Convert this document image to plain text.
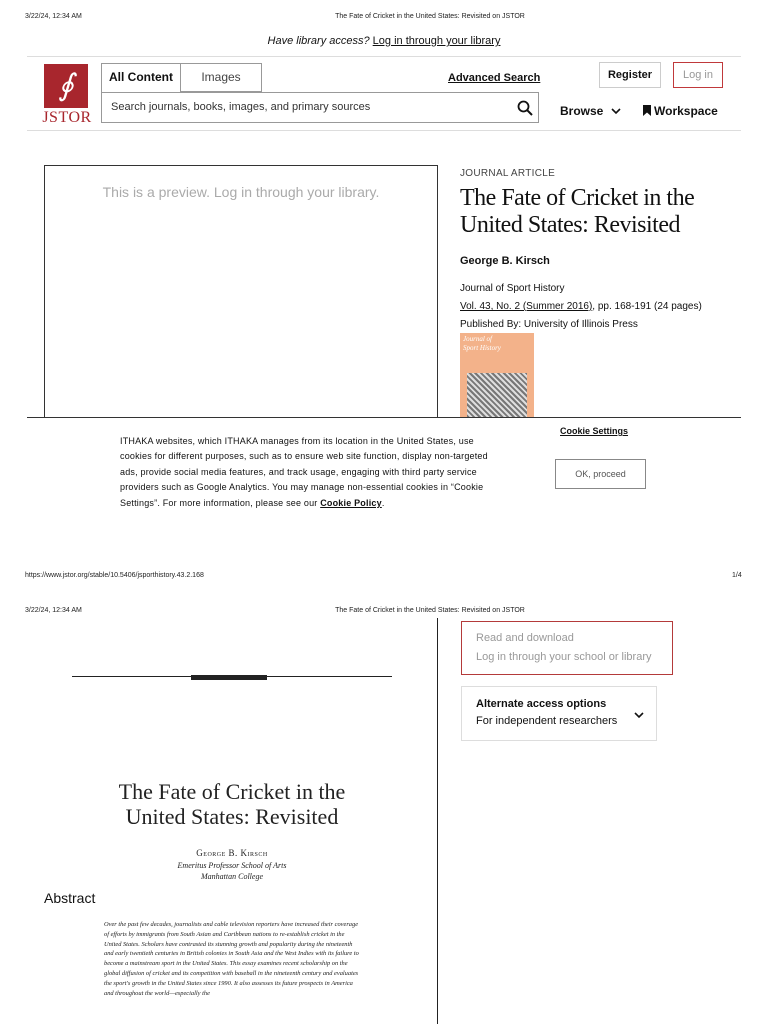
3/22/24, 12:34 AM	The Fate of Cricket in the United States: Revisited on JSTOR
Have library access? Log in through your library
∮
JSTOR
All Content	Images	Advanced Search
Search journals, books, images, and primary sources
Register	Log in
Browse	Workspace
This is a preview. Log in through your library.
JOURNAL ARTICLE
The Fate of Cricket in the
United States: Revisited
George B. Kirsch
Journal of Sport History
Vol. 43, No. 2 (Summer 2016), pp. 168-191 (24 pages)
Published By: University of Illinois Press
Journal of Sport History
ITHAKA websites, which ITHAKA manages from its location in the United States, use cookies for different purposes, such as to ensure web site function, display non-targeted ads, provide social media features, and track usage, engaging with third party service providers such as Google Analytics. You may manage non-essential cookies in “Cookie Settings”. For more information, please see our Cookie Policy.
Cookie Settings
OK, proceed
https://www.jstor.org/stable/10.5406/jsporthistory.43.2.168	1/4
3/22/24, 12:34 AM	The Fate of Cricket in the United States: Revisited on JSTOR
Read and download
Log in through your school or library
Alternate access options
For independent researchers
The Fate of Cricket in the
United States: Revisited
George B. Kirsch
Emeritus Professor School of Arts
Manhattan College
Abstract
Over the past few decades, journalists and cable television reporters have increased their coverage of efforts by immigrants from South Asian and Caribbean nations to re-establish cricket in the United States. Scholars have contrasted its stunning growth and popularity during the nineteenth and early twentieth centuries in British colonies in South Asia and the West Indies with its failure to become a mainstream sport in the United States. This essay examines recent scholarship on the global diffusion of cricket and its competition with baseball in the nineteenth century and evaluates the sport's growth in the United States since 1990. It also assesses its future prospects in America and throughout the world—especially the
